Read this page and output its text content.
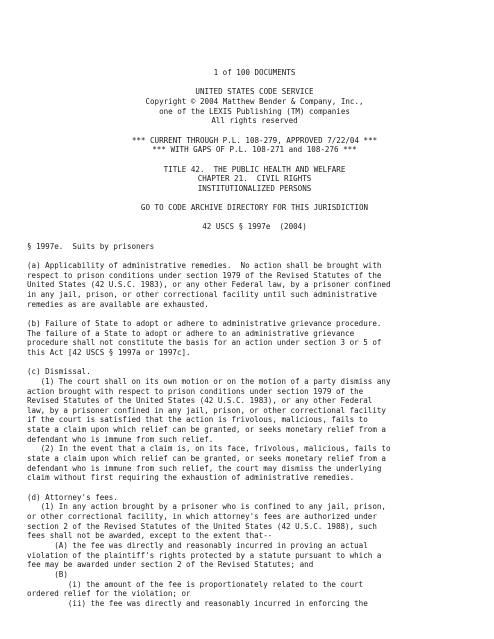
1 of 100 DOCUMENTS

UNITED STATES CODE SERVICE

Copyright © 2004 Matthew Bender & Company, Inc.,

one of the LEXIS Publishing (TM) companies

All rights reserved

*** CURRENT THROUGH P.L. 108-279, APPROVED 7/22/04 ***

*** WITH GAPS OF P.L. 108-271 and 108-276 ***

TITLE 42.  THE PUBLIC HEALTH AND WELFARE

CHAPTER 21.  CIVIL RIGHTS

INSTITUTIONALIZED PERSONS

GO TO CODE ARCHIVE DIRECTORY FOR THIS JURISDICTION

42 USCS § 1997e  (2004)

§ 1997e.  Suits by prisoners

(a) Applicability of administrative remedies.  No action shall be brought with
respect to prison conditions under section 1979 of the Revised Statutes of the
United States (42 U.S.C. 1983), or any other Federal law, by a prisoner confined
in any jail, prison, or other correctional facility until such administrative
remedies as are available are exhausted.
(b) Failure of State to adopt or adhere to administrative grievance procedure.
The failure of a State to adopt or adhere to an administrative grievance
procedure shall not constitute the basis for an action under section 3 or 5 of
this Act [42 USCS § 1997a or 1997c].
(c) Dismissal.
(1) The court shall on its own motion or on the motion of a party dismiss any
action brought with respect to prison conditions under section 1979 of the
Revised Statutes of the United States (42 U.S.C. 1983), or any other Federal
law, by a prisoner confined in any jail, prison, or other correctional facility
if the court is satisfied that the action is frivolous, malicious, fails to
state a claim upon which relief can be granted, or seeks monetary relief from a
defendant who is immune from such relief.
(2) In the event that a claim is, on its face, frivolous, malicious, fails to
state a claim upon which relief can be granted, or seeks monetary relief from a
defendant who is immune from such relief, the court may dismiss the underlying
claim without first requiring the exhaustion of administrative remedies.
(d) Attorney's fees.
(1) In any action brought by a prisoner who is confined to any jail, prison,
or other correctional facility, in which attorney's fees are authorized under
section 2 of the Revised Statutes of the United States (42 U.S.C. 1988), such
fees shall not be awarded, except to the extent that--
(A) the fee was directly and reasonably incurred in proving an actual
violation of the plaintiff's rights protected by a statute pursuant to which a
fee may be awarded under section 2 of the Revised Statutes; and
(B)
(i) the amount of the fee is proportionately related to the court
ordered relief for the violation; or
(ii) the fee was directly and reasonably incurred in enforcing the
